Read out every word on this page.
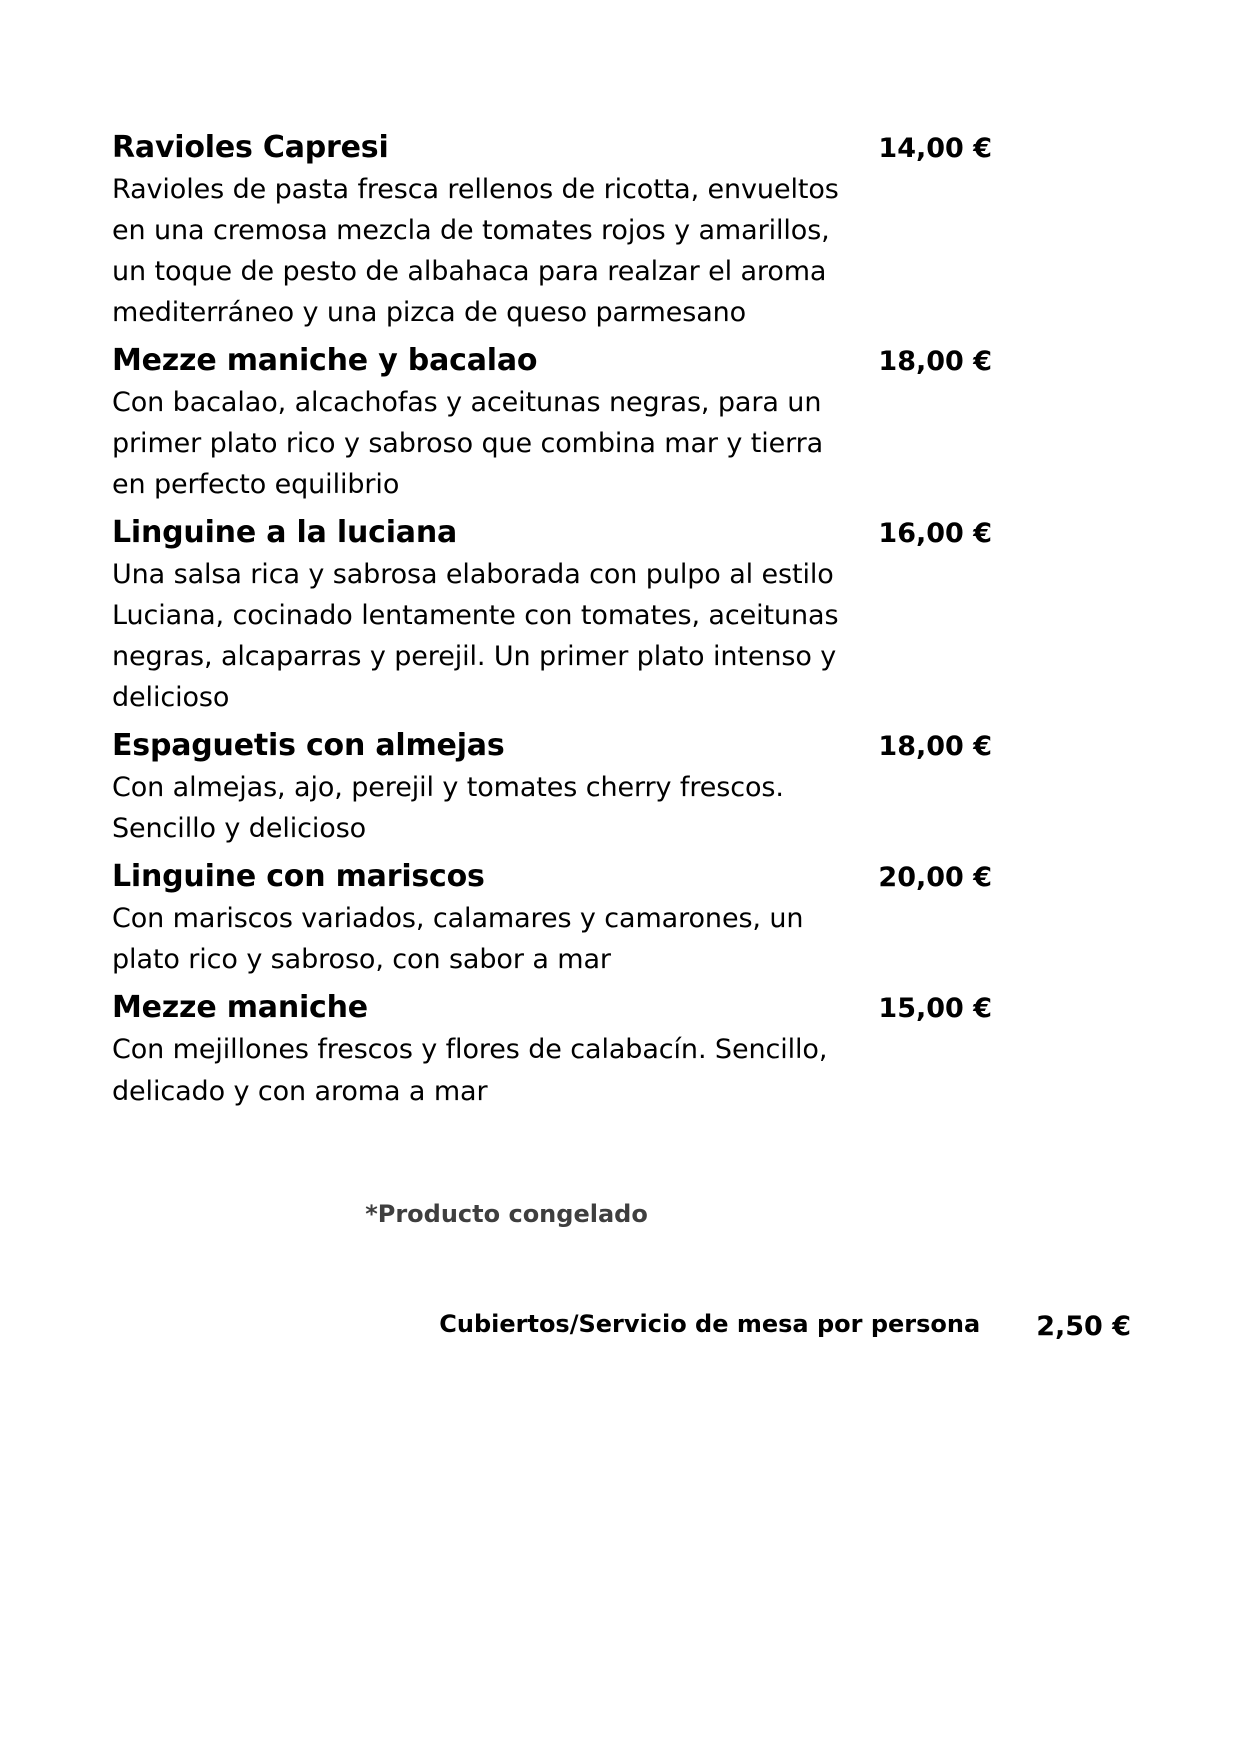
Ravioles Capresi	14,00 €
Ravioles de pasta fresca rellenos de ricotta, envueltos en una cremosa mezcla de tomates rojos y amarillos, un toque de pesto de albahaca para realzar el aroma mediterráneo y una pizca de queso parmesano
Mezze maniche y bacalao	18,00 €
Con bacalao, alcachofas y aceitunas negras, para un primer plato rico y sabroso que combina mar y tierra en perfecto equilibrio
Linguine a la luciana	16,00 €
Una salsa rica y sabrosa elaborada con pulpo al estilo Luciana, cocinado lentamente con tomates, aceitunas negras, alcaparras y perejil. Un primer plato intenso y delicioso
Espaguetis con almejas	18,00 €
Con almejas, ajo, perejil y tomates cherry frescos. Sencillo y delicioso
Linguine con mariscos	20,00 €
Con mariscos variados, calamares y camarones, un plato rico y sabroso, con sabor a mar
Mezze maniche	15,00 €
Con mejillones frescos y flores de calabacín. Sencillo, delicado y con aroma a mar
*Producto congelado
Cubiertos/Servicio de mesa por persona 2,50 €
